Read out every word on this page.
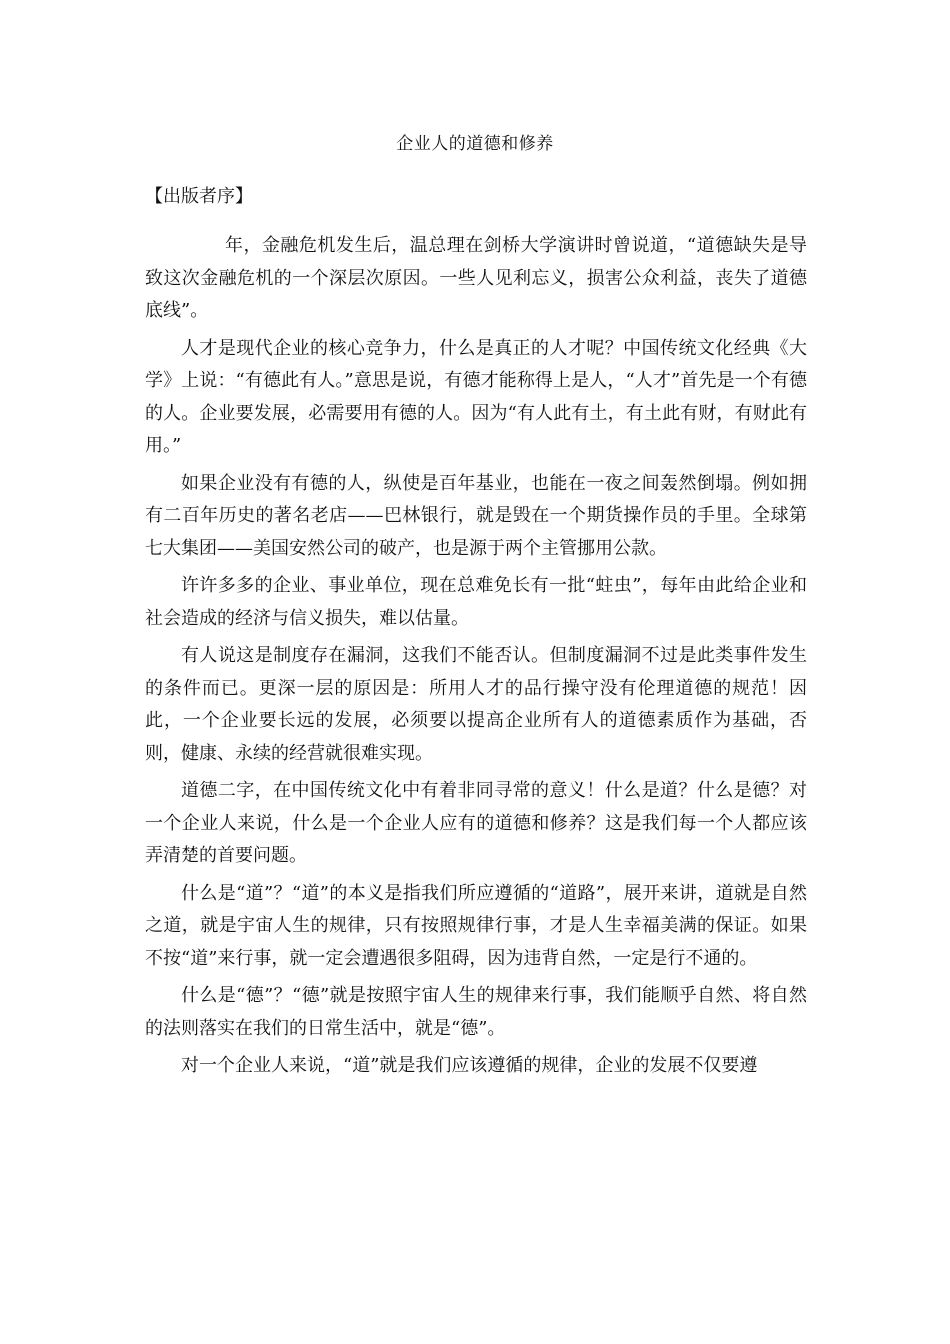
企业人的道德和修养
【出版者序】

年，金融危机发生后，温总理在剑桥大学演讲时曾说道，“道德缺失是导致这次金融危机的一个深层次原因。一些人见利忘义，损害公众利益，丧失了道德底线”。

人才是现代企业的核心竞争力，什么是真正的人才呢？中国传统文化经典《大学》上说：“有德此有人。”意思是说，有德才能称得上是人，“人才”首先是一个有德的人。企业要发展，必需要用有德的人。因为“有人此有土，有土此有财，有财此有用。”

如果企业没有有德的人，纵使是百年基业，也能在一夜之间轰然倒塌。例如拥有二百年历史的著名老店——巴林银行，就是毁在一个期货操作员的手里。全球第七大集团——美国安然公司的破产，也是源于两个主管挪用公款。

许许多多的企业、事业单位，现在总难免长有一批“蛀虫”，每年由此给企业和社会造成的经济与信义损失，难以估量。

有人说这是制度存在漏洞，这我们不能否认。但制度漏洞不过是此类事件发生的条件而已。更深一层的原因是：所用人才的品行操守没有伦理道德的规范！因此，一个企业要长远的发展，必须要以提高企业所有人的道德素质作为基础，否则，健康、永续的经营就很难实现。

道德二字，在中国传统文化中有着非同寻常的意义！什么是道？什么是德？对一个企业人来说，什么是一个企业人应有的道德和修养？这是我们每一个人都应该弄清楚的首要问题。

什么是“道”？“道”的本义是指我们所应遵循的“道路”，展开来讲，道就是自然之道，就是宇宙人生的规律，只有按照规律行事，才是人生幸福美满的保证。如果不按“道”来行事，就一定会遭遇很多阻碍，因为违背自然，一定是行不通的。

什么是“德”？“德”就是按照宇宙人生的规律来行事，我们能顺乎自然、将自然的法则落实在我们的日常生活中，就是“德”。

对一个企业人来说，“道”就是我们应该遵循的规律，企业的发展不仅要遵
